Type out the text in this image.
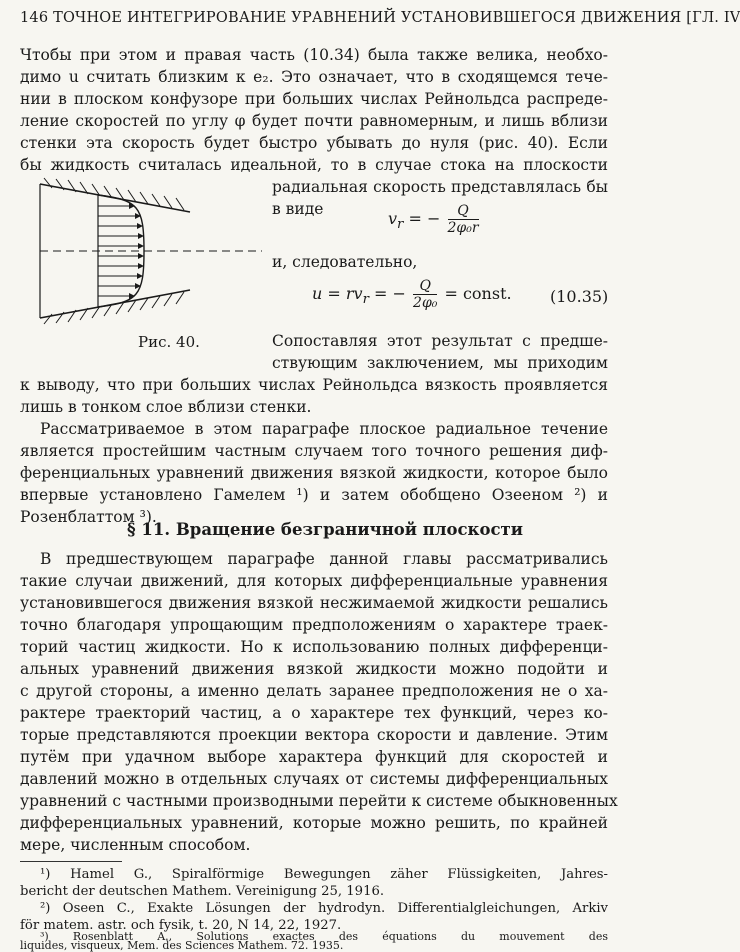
146 ТОЧНОЕ ИНТЕГРИРОВАНИЕ УРАВНЕНИЙ УСТАНОВИВШЕГОСЯ ДВИЖЕНИЯ [ГЛ. IV
Чтобы при этом и правая часть (10.34) была также велика, необхо-
димо u считать близким к e₂. Это означает, что в сходящемся тече-
нии в плоском конфузоре при больших числах Рейнольдса распреде-
ление скоростей по углу φ будет почти равномерным, и лишь вблизи
стенки эта скорость будет быстро убывать до нуля (рис. 40). Если
бы жидкость считалась идеальной, то в случае стока на плоскости
радиальная скорость представлялась бы
в виде	$v_r$ = − $\frac{Q}{\text{2φ₀r}}$
и, следовательно,
$u = rv_r$ = − $\frac{Q}{\text{2φ₀}}$ = const. (10.35)
Рис. 40.	Сопоставляя этот результат с предше-
ствующим заключением, мы приходим
к выводу, что при больших числах Рейнольдса вязкость проявляется
лишь в тонком слое вблизи стенки.
Рассматриваемое в этом параграфе плоское радиальное течение
является простейшим частным случаем того точного решения диф-
ференциальных уравнений движения вязкой жидкости, которое было
впервые установлено Гамелем ¹) и затем обобщено Озееном ²) и
Розенблаттом ³).
§ 11. Вращение безграничной плоскости
В предшествующем параграфе данной главы рассматривались
такие случаи движений, для которых дифференциальные уравнения
установившегося движения вязкой несжимаемой жидкости решались
точно благодаря упрощающим предположениям о характере траек-
торий частиц жидкости. Но к использованию полных дифференци-
альных уравнений движения вязкой жидкости можно подойти и
с другой стороны, а именно делать заранее предположения не о ха-
рактере траекторий частиц, а о характере тех функций, через ко-
торые представляются проекции вектора скорости и давление. Этим
путём при удачном выборе характера функций для скоростей и
давлений можно в отдельных случаях от системы дифференциальных
уравнений с частными производными перейти к системе обыкновенных
дифференциальных уравнений, которые можно решить, по крайней
мере, численным способом.
¹) Hamel G., Spiralförmige Bewegungen zäher Flüssigkeiten, Jahres-
bericht der deutschen Mathem. Vereinigung 25, 1916.
²) Oseen C., Exakte Lösungen der hydrodyn. Differentialgleichungen, Arkiv
för matem. astr. och fysik, t. 20, N 14, 22, 1927.
³) Rosenblatt A., Solutions exactes des équations du mouvement des
liquides, visqueux, Mem. des Sciences Mathem. 72. 1935.
